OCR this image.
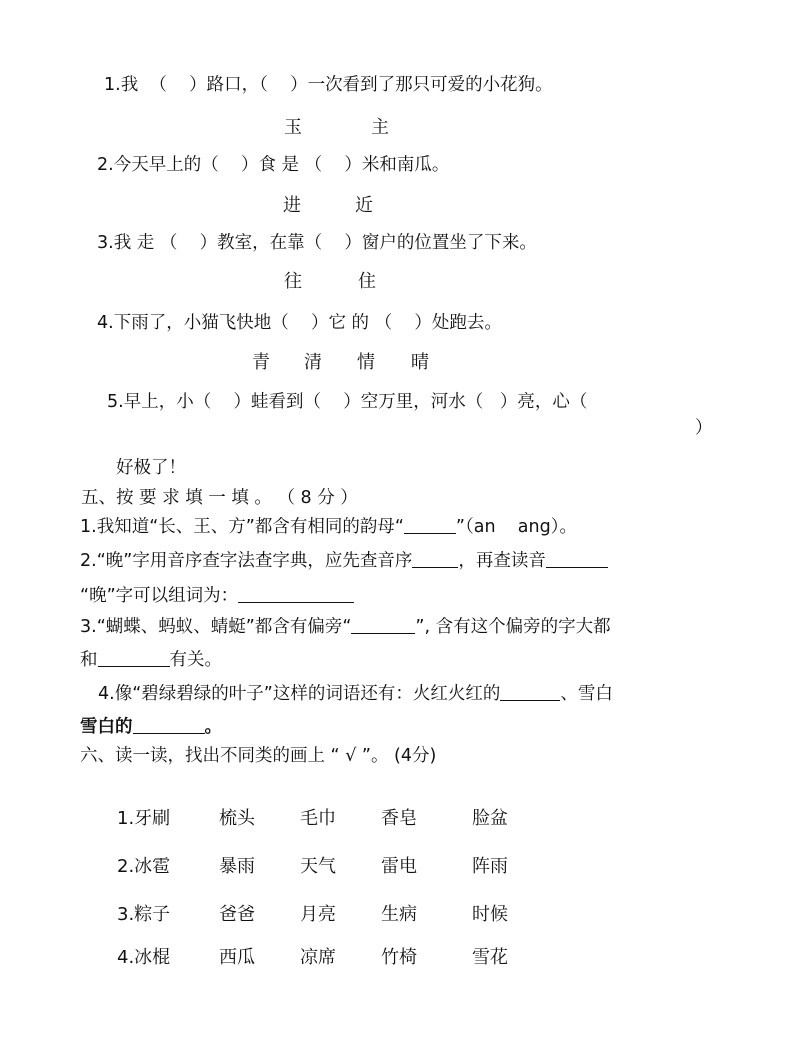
1.我  （    ）路口，（    ）一次看到了那只可爱的小花狗。
玉	主
2.今天早上的（    ）食 是 （    ）米和南瓜。
进	近
3.我 走 （    ）教室，在靠（    ）窗户的位置坐了下来。
往	住
4.下雨了，小猫飞快地（    ）它 的 （    ）处跑去。
青 清 情 晴
5.早上，小（    ）蛙看到（    ）空万里，河水（   ）亮，心（
）
好极了！
五、按 要 求 填 一 填 。 （ 8 分 ）
1.我知道“长、王、方”都含有相同的韵母“	”（an    ang）。
2.“晚”字用音序查字法查字典，应先查音序	，再查读音
“晚”字可以组词为：
3.“蝴蝶、蚂蚁、蜻蜓”都含有偏旁“	”, 含有这个偏旁的字大都
和	有关。
4.像“碧绿碧绿的叶子”这样的词语还有：火红火红的	、雪白
雪白的	。
六、读一读，找出不同类的画上 “ √ ”。 (4分)
1.牙刷	梳头	毛巾	香皂	脸盆
2.冰雹	暴雨	天气	雷电	阵雨
3.粽子	爸爸	月亮	生病	时候
4.冰棍	西瓜	凉席	竹椅	雪花
